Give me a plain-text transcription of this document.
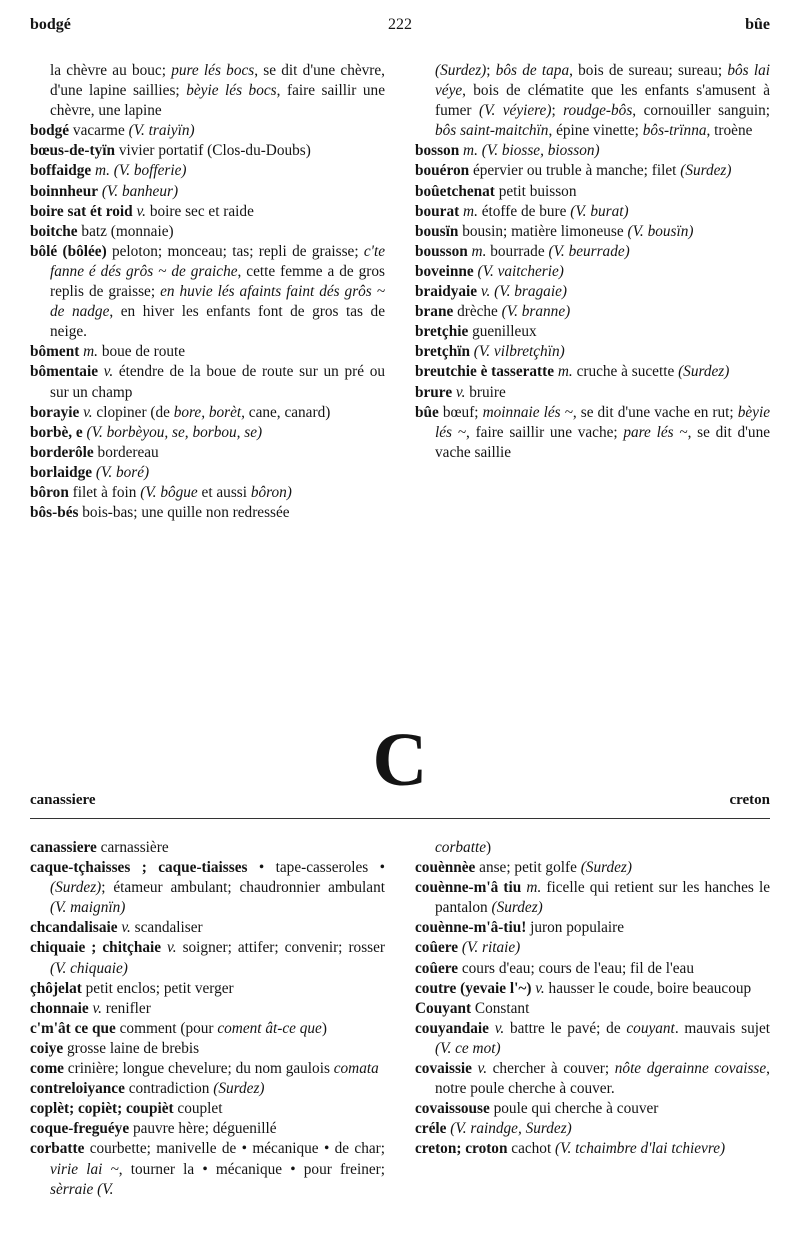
bodgé	222	bûe
la chèvre au bouc; pure lés bocs, se dit d'une chèvre, d'une lapine saillies; bèyie lés bocs, faire saillir une chèvre, une lapine
bodgé vacarme (V. traiyïn)
bœus-de-tyïn vivier portatif (Clos-du-Doubs)
boffaidge m. (V. bofferie)
boinnheur (V. banheur)
boire sat ét roid v. boire sec et raide
boitche batz (monnaie)
bôlé (bôlée) peloton; monceau; tas; repli de graisse; c'te fanne é dés grôs ~ de graiche, cette femme a de gros replis de graisse; en huvie lés afaints faint dés grôs ~ de nadge, en hiver les enfants font de gros tas de neige.
bôment m. boue de route
bômentaie v. étendre de la boue de route sur un pré ou sur un champ
borayie v. clopiner (de bore, borèt, cane, canard)
borbè, e (V. borbèyou, se, borbou, se)
borderôle bordereau
borlaidge (V. boré)
bôron filet à foin (V. bôgue et aussi bôron)
bôs-bés bois-bas; une quille non redressée
(Surdez); bôs de tapa, bois de sureau; sureau; bôs lai véye, bois de clématite que les enfants s'amusent à fumer (V. véyiere); roudge-bôs, cornouiller sanguin; bôs saint-maitchïn, épine vinette; bôs-trïnna, troène
bosson m. (V. biosse, biosson)
bouéron épervier ou truble à manche; filet (Surdez)
boûetchenat petit buisson
bourat m. étoffe de bure (V. burat)
bousïn bousin; matière limoneuse (V. bousïn)
bousson m. bourrade (V. beurrade)
boveinne (V. vaitcherie)
braidyaie v. (V. bragaie)
brane drèche (V. branne)
bretçhie guenilleux
bretçhïn (V. vilbretçhïn)
breutchie è tasseratte m. cruche à sucette (Surdez)
brure v. bruire
bûe bœuf; moinnaie lés ~, se dit d'une vache en rut; bèyie lés ~, faire saillir une vache; pare lés ~, se dit d'une vache saillie
C
canassiere	creton
canassiere carnassière
caque-tçhaisses ; caque-tiaisses • tape-casseroles • (Surdez); étameur ambulant; chaudronnier ambulant (V. maignïn)
chcandalisaie v. scandaliser
chiquaie ; chitçhaie v. soigner; attifer; convenir; rosser (V. chiquaie)
çhôjelat petit enclos; petit verger
chonnaie v. renifler
c'm'ât ce que comment (pour coment ât-ce que)
coiye grosse laine de brebis
come crinière; longue chevelure; du nom gaulois comata
contreloiyance contradiction (Surdez)
coplèt; copièt; coupièt couplet
coque-freguéye pauvre hère; déguenillé
corbatte courbette; manivelle de • mécanique • de char; virie lai ~, tourner la • mécanique • pour freiner; sèrraie (V.
corbatte)
couènnèe anse; petit golfe (Surdez)
couènne-m'â tiu m. ficelle qui retient sur les hanches le pantalon (Surdez)
couènne-m'â-tiu! juron populaire
coûere (V. ritaie)
coûere cours d'eau; cours de l'eau; fil de l'eau
coutre (yevaie l'~) v. hausser le coude, boire beaucoup
Couyant Constant
couyandaie v. battre le pavé; de couyant. mauvais sujet (V. ce mot)
covaissie v. chercher à couver; nôte dgerainne covaisse, notre poule cherche à couver.
covaissouse poule qui cherche à couver
créle (V. raindge, Surdez)
creton; croton cachot (V. tchaimbre d'lai tchievre)
